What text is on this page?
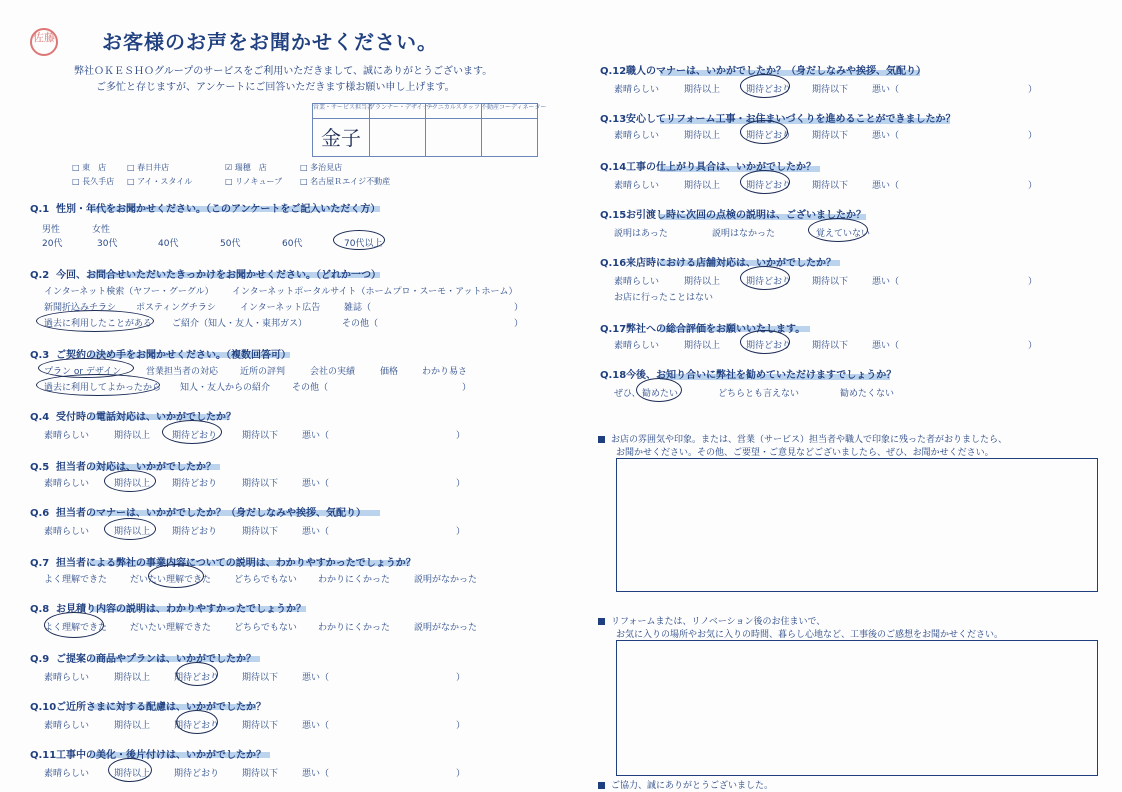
佐藤 お客様のお声をお聞かせください。
弊社ＯＫＥＳＨＯグループのサービスをご利用いただきまして、誠にありがとうございます。
ご多忙と存じますが、アンケートにご回答いただきます様お願い申し上げます。
営業・サービス担当者
プランナー・デザイナー
テクニカルスタッフ 不動産コーディネーター
金子
□ 東　店	□ 春日井店	☑ 瑞穂　店	□ 多治見店
□ 長久手店 □ アイ・スタイル	□ リノキューブ □ 名古屋Ｒエイジ不動産
Q.1 性別・年代をお聞かせください。（このアンケートをご記入いただく方）
男性	女性
20代	30代	40代	50代	60代	70代以上
Q.2 今回、お問合せいただいたきっかけをお聞かせください。（どれか一つ）
インターネット検索（ヤフー・グーグル） インターネットポータルサイト（ホームプロ・スーモ・アットホーム）
新聞折込みチラシ ポスティングチラシ	インターネット広告	雑誌（	）
過去に利用したことがある ご紹介（知人・友人・東邦ガス）	その他（	）
Q.3 ご契約の決め手をお聞かせください。（複数回答可）
プラン or デザイン	営業担当者の対応 近所の評判	会社の実績	価格	わかり易さ
過去に利用してよかったから 知人・友人からの紹介 その他（	）
Q.4 受付時の電話対応は、いかがでしたか？
素晴らしい	期待以上 期待どおり	期待以下	悪い（	）
Q.5 担当者の対応は、いかがでしたか？
素晴らしい	期待以上 期待どおり	期待以下	悪い（	）
Q.6 担当者のマナーは、いかがでしたか？（身だしなみや挨拶、気配り）
素晴らしい	期待以上 期待どおり	期待以下	悪い（	）
Q.7 担当者による弊社の事業内容についての説明は、わかりやすかったでしょうか？
よく理解できた	だいたい理解できた	どちらでもない わかりにくかった	説明がなかった
Q.8 お見積り内容の説明は、わかりやすかったでしょうか？
よく理解できた	だいたい理解できた	どちらでもない わかりにくかった	説明がなかった
Q.9 ご提案の商品やプランは、いかがでしたか？
素晴らしい	期待以上	期待どおり	期待以下	悪い（	）
Q.10ご近所さまに対する配慮は、いかがでしたか？
素晴らしい	期待以上	期待どおり	期待以下	悪い（	）
Q.11工事中の美化・後片付けは、いかがでしたか？
素晴らしい	期待以上	期待どおり	期待以下	悪い（	）
Q.12職人のマナーは、いかがでしたか？（身だしなみや挨拶、気配り）
素晴らしい	期待以上	期待どおり 期待以下	悪い（	）
Q.13安心してリフォーム工事・お住まいづくりを進めることができましたか？
素晴らしい	期待以上	期待どおり 期待以下	悪い（	）
Q.14工事の仕上がり具合は、いかがでしたか？
素晴らしい	期待以上	期待どおり 期待以下	悪い（	）
Q.15お引渡し時に次回の点検の説明は、ございましたか？
説明はあった	説明はなかった	覚えていない
Q.16来店時における店舗対応は、いかがでしたか？
素晴らしい	期待以上	期待どおり 期待以下	悪い（	）
お店に行ったことはない
Q.17弊社への総合評価をお願いいたします。
素晴らしい	期待以上	期待どおり 期待以下	悪い（	）
Q.18今後、お知り合いに弊社を勧めていただけますでしょうか？
ぜひ、 勧めたい	どちらとも言えない	勧めたくない
お店の雰囲気や印象。または、営業（サービス）担当者や職人で印象に残った者がおりましたら、
お聞かせください。その他、ご要望・ご意見などございましたら、ぜひ、お聞かせください。
リフォームまたは、リノベーション後のお住まいで、
お気に入りの場所やお気に入りの時間、暮らし心地など、工事後のご感想をお聞かせください。
ご協力、誠にありがとうございました。
